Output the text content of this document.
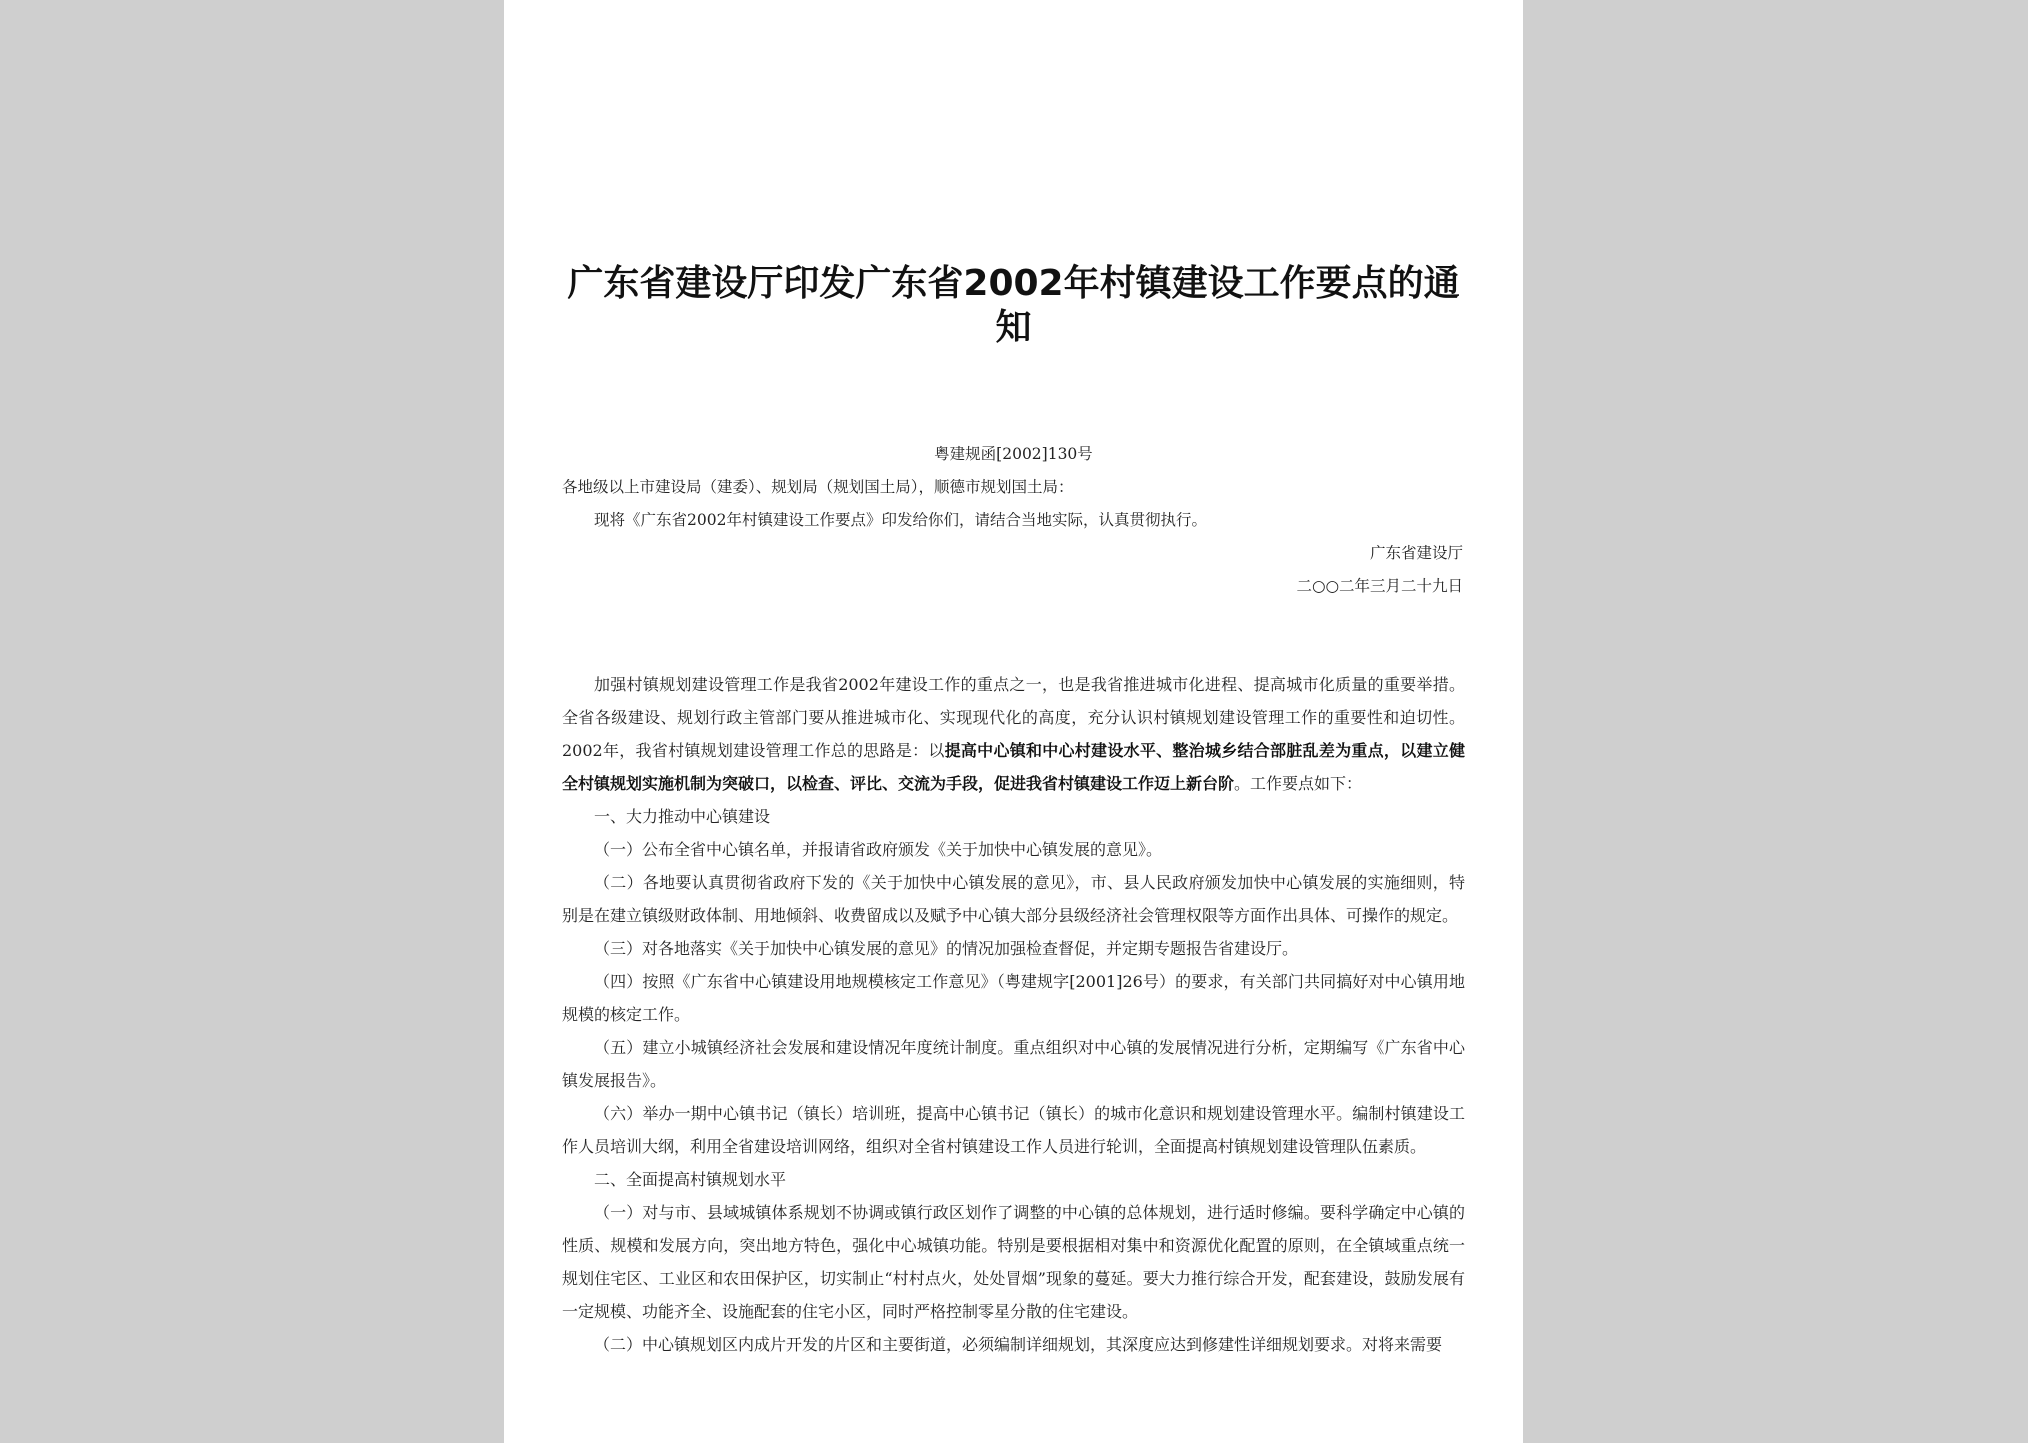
广东省建设厅印发广东省2002年村镇建设工作要点的通知
粤建规函[2002]130号
各地级以上市建设局（建委）、规划局（规划国土局），顺德市规划国土局：
现将《广东省2002年村镇建设工作要点》印发给你们，请结合当地实际，认真贯彻执行。
广东省建设厅
二○○二年三月二十九日

加强村镇规划建设管理工作是我省2002年建设工作的重点之一，也是我省推进城市化进程、提高城市化质量的重要举措。全省各级建设、规划行政主管部门要从推进城市化、实现现代化的高度，充分认识村镇规划建设管理工作的重要性和迫切性。2002年，我省村镇规划建设管理工作总的思路是：以提高中心镇和中心村建设水平、整治城乡结合部脏乱差为重点，以建立健全村镇规划实施机制为突破口，以检查、评比、交流为手段，促进我省村镇建设工作迈上新台阶。工作要点如下：

一、大力推动中心镇建设

（一）公布全省中心镇名单，并报请省政府颁发《关于加快中心镇发展的意见》。

（二）各地要认真贯彻省政府下发的《关于加快中心镇发展的意见》，市、县人民政府颁发加快中心镇发展的实施细则，特别是在建立镇级财政体制、用地倾斜、收费留成以及赋予中心镇大部分县级经济社会管理权限等方面作出具体、可操作的规定。

（三）对各地落实《关于加快中心镇发展的意见》的情况加强检查督促，并定期专题报告省建设厅。

（四）按照《广东省中心镇建设用地规模核定工作意见》（粤建规字[2001]26号）的要求，有关部门共同搞好对中心镇用地规模的核定工作。

（五）建立小城镇经济社会发展和建设情况年度统计制度。重点组织对中心镇的发展情况进行分析，定期编写《广东省中心镇发展报告》。

（六）举办一期中心镇书记（镇长）培训班，提高中心镇书记（镇长）的城市化意识和规划建设管理水平。编制村镇建设工作人员培训大纲，利用全省建设培训网络，组织对全省村镇建设工作人员进行轮训，全面提高村镇规划建设管理队伍素质。

二、全面提高村镇规划水平

（一）对与市、县域城镇体系规划不协调或镇行政区划作了调整的中心镇的总体规划，进行适时修编。要科学确定中心镇的性质、规模和发展方向，突出地方特色，强化中心城镇功能。特别是要根据相对集中和资源优化配置的原则，在全镇域重点统一规划住宅区、工业区和农田保护区，切实制止“村村点火，处处冒烟”现象的蔓延。要大力推行综合开发，配套建设，鼓励发展有一定规模、功能齐全、设施配套的住宅小区，同时严格控制零星分散的住宅建设。

（二）中心镇规划区内成片开发的片区和主要街道，必须编制详细规划，其深度应达到修建性详细规划要求。对将来需要
